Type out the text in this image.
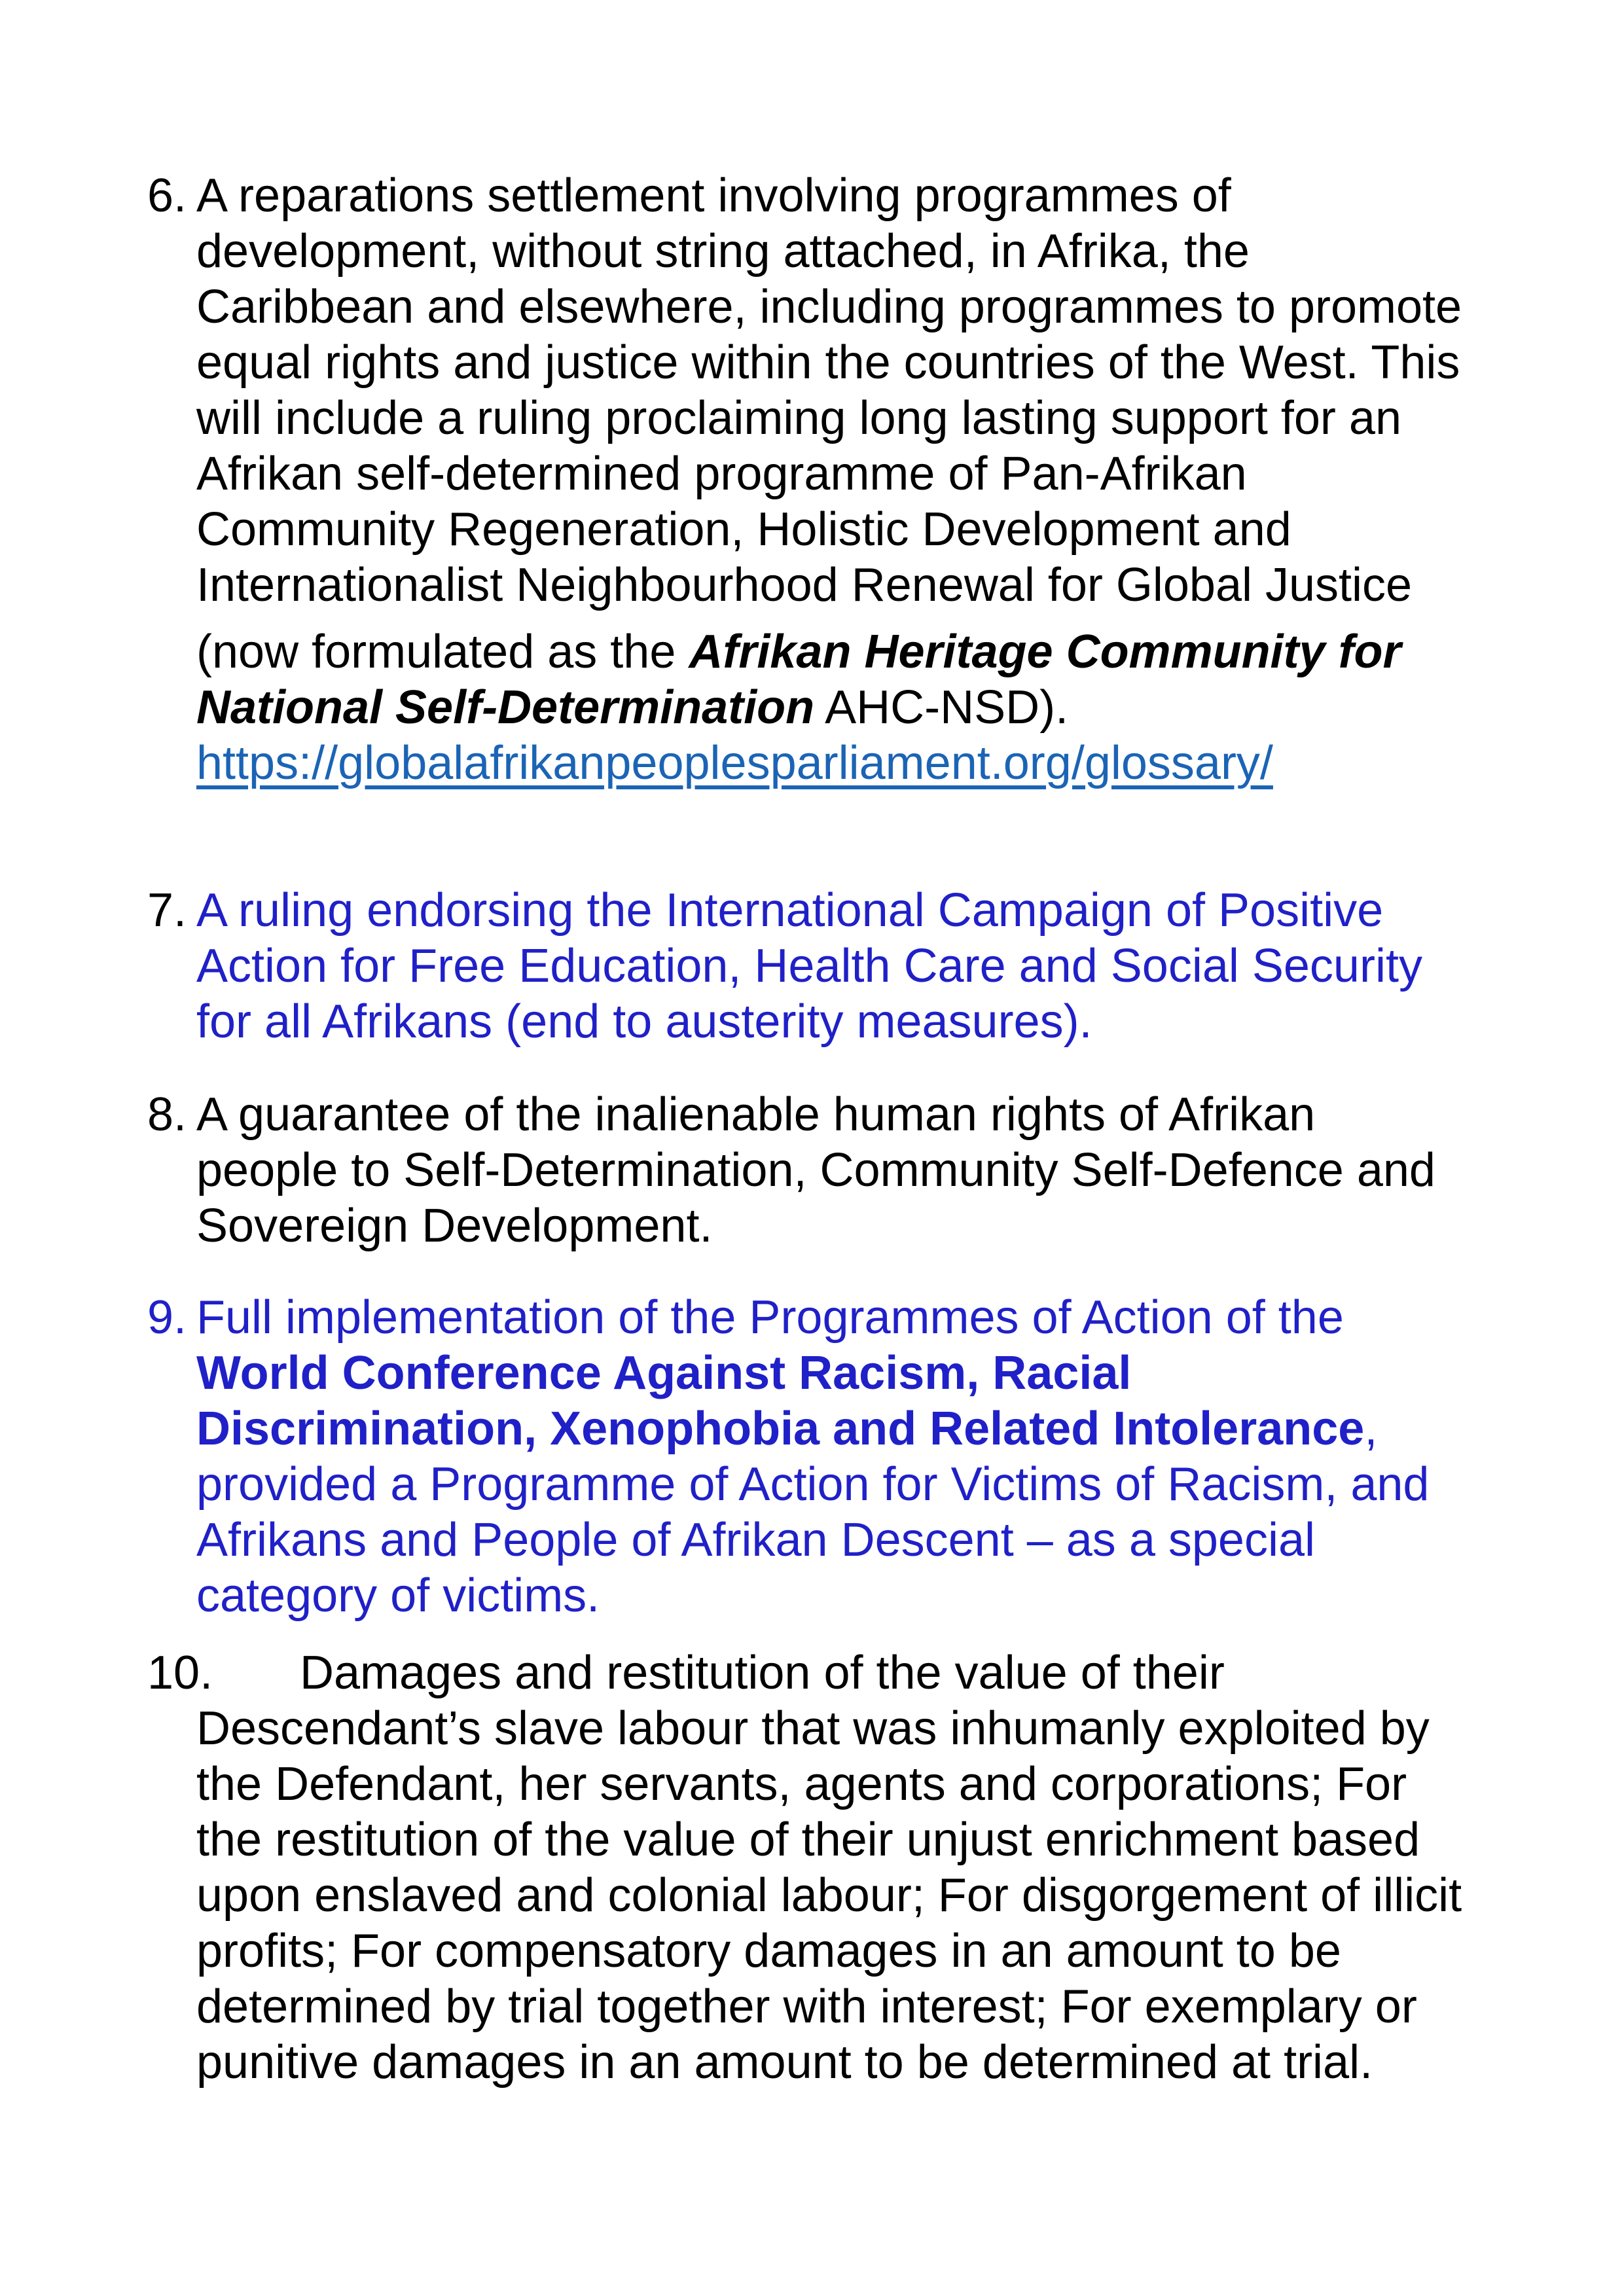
6. A reparations settlement involving programmes of
development, without string attached, in Afrika, the
Caribbean and elsewhere, including programmes to promote
equal rights and justice within the countries of the West. This
will include a ruling proclaiming long lasting support for an
Afrikan self-determined programme of Pan-Afrikan
Community Regeneration, Holistic Development and
Internationalist Neighbourhood Renewal for Global Justice
(now formulated as the Afrikan Heritage Community for
National Self-Determination AHC-NSD).
https://globalafrikanpeoplesparliament.org/glossary/
7. A ruling endorsing the International Campaign of Positive
Action for Free Education, Health Care and Social Security
for all Afrikans (end to austerity measures).
8. A guarantee of the inalienable human rights of Afrikan
people to Self-Determination, Community Self-Defence and
Sovereign Development.
9. Full implementation of the Programmes of Action of the
World Conference Against Racism, Racial
Discrimination, Xenophobia and Related Intolerance,
provided a Programme of Action for Victims of Racism, and
Afrikans and People of Afrikan Descent – as a special
category of victims.
10.	Damages and restitution of the value of their
Descendant’s slave labour that was inhumanly exploited by
the Defendant, her servants, agents and corporations; For
the restitution of the value of their unjust enrichment based
upon enslaved and colonial labour; For disgorgement of illicit
profits; For compensatory damages in an amount to be
determined by trial together with interest; For exemplary or
punitive damages in an amount to be determined at trial.
